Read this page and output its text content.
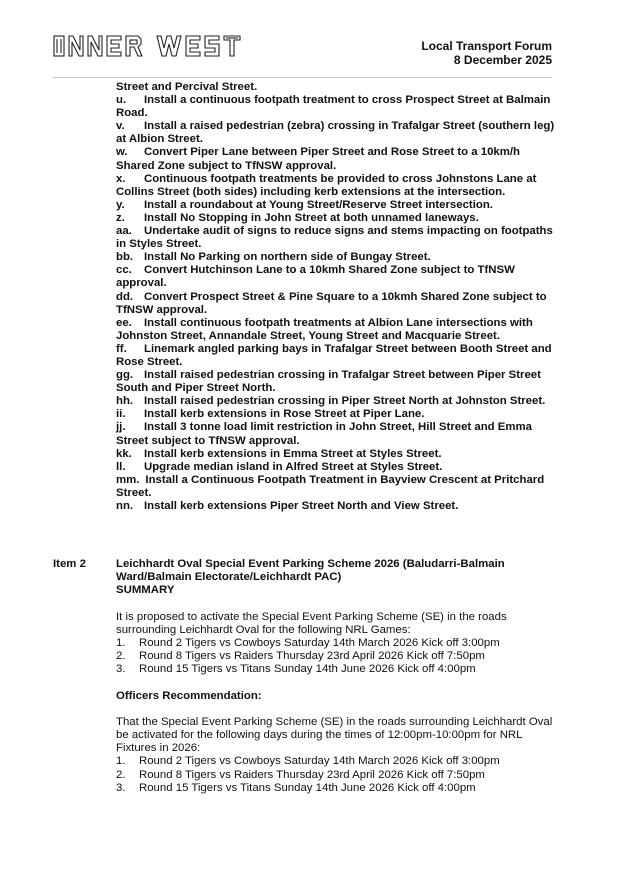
Local Transport Forum
8 December 2025

Street and Percival Street.

u. Install a continuous footpath treatment to cross Prospect Street at Balmain Road.

v. Install a raised pedestrian (zebra) crossing in Trafalgar Street (southern leg) at Albion Street.

w. Convert Piper Lane between Piper Street and Rose Street to a 10km/h Shared Zone subject to TfNSW approval.

x. Continuous footpath treatments be provided to cross Johnstons Lane at Collins Street (both sides) including kerb extensions at the intersection.

y. Install a roundabout at Young Street/Reserve Street intersection.

z. Install No Stopping in John Street at both unnamed laneways.

aa. Undertake audit of signs to reduce signs and stems impacting on footpaths in Styles Street.

bb. Install No Parking on northern side of Bungay Street.

cc. Convert Hutchinson Lane to a 10kmh Shared Zone subject to TfNSW approval.

dd. Convert Prospect Street & Pine Square to a 10kmh Shared Zone subject to TfNSW approval.

ee. Install continuous footpath treatments at Albion Lane intersections with Johnston Street, Annandale Street, Young Street and Macquarie Street.

ff. Linemark angled parking bays in Trafalgar Street between Booth Street and Rose Street.

gg. Install raised pedestrian crossing in Trafalgar Street between Piper Street South and Piper Street North.

hh. Install raised pedestrian crossing in Piper Street North at Johnston Street.

ii. Install kerb extensions in Rose Street at Piper Lane.

jj. Install 3 tonne load limit restriction in John Street, Hill Street and Emma Street subject to TfNSW approval.

kk. Install kerb extensions in Emma Street at Styles Street.

ll. Upgrade median island in Alfred Street at Styles Street.

mm. Install a Continuous Footpath Treatment in Bayview Crescent at Pritchard Street.

nn. Install kerb extensions Piper Street North and View Street.

Item 2	Leichhardt Oval Special Event Parking Scheme 2026 (Baludarri-Balmain Ward/Balmain Electorate/Leichhardt PAC)

SUMMARY

It is proposed to activate the Special Event Parking Scheme (SE) in the roads surrounding Leichhardt Oval for the following NRL Games:

1. Round 2 Tigers vs Cowboys Saturday 14th March 2026 Kick off 3:00pm
2. Round 8 Tigers vs Raiders Thursday 23rd April 2026 Kick off 7:50pm
3. Round 15 Tigers vs Titans Sunday 14th June 2026 Kick off 4:00pm

Officers Recommendation:

That the Special Event Parking Scheme (SE) in the roads surrounding Leichhardt Oval be activated for the following days during the times of 12:00pm-10:00pm for NRL Fixtures in 2026:

1. Round 2 Tigers vs Cowboys Saturday 14th March 2026 Kick off 3:00pm
2. Round 8 Tigers vs Raiders Thursday 23rd April 2026 Kick off 7:50pm
3. Round 15 Tigers vs Titans Sunday 14th June 2026 Kick off 4:00pm
